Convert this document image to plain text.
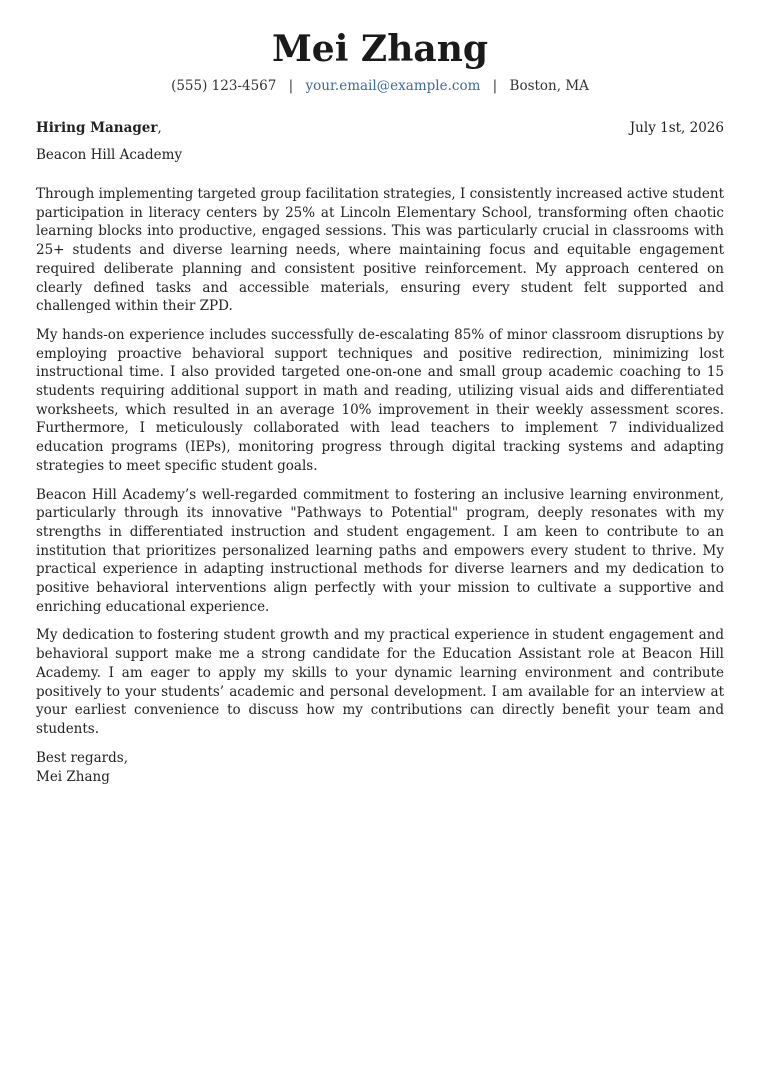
Mei Zhang
(555) 123-4567 | your.email@example.com | Boston, MA
Hiring Manager,	July 1st, 2026
Beacon Hill Academy

Through implementing targeted group facilitation strategies, I consistently increased active student participation in literacy centers by 25% at Lincoln Elementary School, transforming often chaotic learning blocks into productive, engaged sessions. This was particularly crucial in classrooms with 25+ students and diverse learning needs, where maintaining focus and equitable engagement required deliberate planning and consistent positive reinforcement. My approach centered on clearly defined tasks and accessible materials, ensuring every student felt supported and challenged within their ZPD.

My hands-on experience includes successfully de-escalating 85% of minor classroom disruptions by employing proactive behavioral support techniques and positive redirection, minimizing lost instructional time. I also provided targeted one-on-one and small group academic coaching to 15 students requiring additional support in math and reading, utilizing visual aids and differentiated worksheets, which resulted in an average 10% improvement in their weekly assessment scores. Furthermore, I meticulously collaborated with lead teachers to implement 7 individualized education programs (IEPs), monitoring progress through digital tracking systems and adapting strategies to meet specific student goals.

Beacon Hill Academy’s well-regarded commitment to fostering an inclusive learning environment, particularly through its innovative "Pathways to Potential" program, deeply resonates with my strengths in differentiated instruction and student engagement. I am keen to contribute to an institution that prioritizes personalized learning paths and empowers every student to thrive. My practical experience in adapting instructional methods for diverse learners and my dedication to positive behavioral interventions align perfectly with your mission to cultivate a supportive and enriching educational experience.

My dedication to fostering student growth and my practical experience in student engagement and behavioral support make me a strong candidate for the Education Assistant role at Beacon Hill Academy. I am eager to apply my skills to your dynamic learning environment and contribute positively to your students’ academic and personal development. I am available for an interview at your earliest convenience to discuss how my contributions can directly benefit your team and students.

Best regards,
Mei Zhang
